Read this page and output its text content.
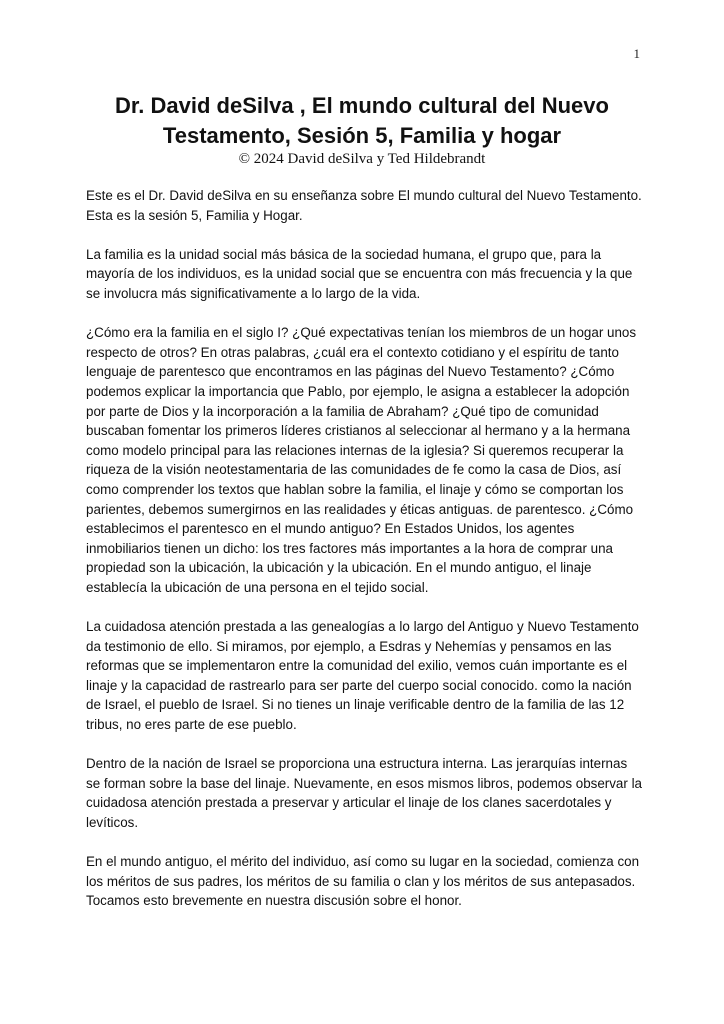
1
Dr. David deSilva , El mundo cultural del Nuevo Testamento, Sesión 5, Familia y hogar
© 2024 David deSilva y Ted Hildebrandt

Este es el Dr. David deSilva en su enseñanza sobre El mundo cultural del Nuevo Testamento. Esta es la sesión 5, Familia y Hogar.

La familia es la unidad social más básica de la sociedad humana, el grupo que, para la mayoría de los individuos, es la unidad social que se encuentra con más frecuencia y la que se involucra más significativamente a lo largo de la vida.

¿Cómo era la familia en el siglo I? ¿Qué expectativas tenían los miembros de un hogar unos respecto de otros? En otras palabras, ¿cuál era el contexto cotidiano y el espíritu de tanto lenguaje de parentesco que encontramos en las páginas del Nuevo Testamento? ¿Cómo podemos explicar la importancia que Pablo, por ejemplo, le asigna a establecer la adopción por parte de Dios y la incorporación a la familia de Abraham? ¿Qué tipo de comunidad buscaban fomentar los primeros líderes cristianos al seleccionar al hermano y a la hermana como modelo principal para las relaciones internas de la iglesia? Si queremos recuperar la riqueza de la visión neotestamentaria de las comunidades de fe como la casa de Dios, así como comprender los textos que hablan sobre la familia, el linaje y cómo se comportan los parientes, debemos sumergirnos en las realidades y éticas antiguas. de parentesco. ¿Cómo establecimos el parentesco en el mundo antiguo? En Estados Unidos, los agentes inmobiliarios tienen un dicho: los tres factores más importantes a la hora de comprar una propiedad son la ubicación, la ubicación y la ubicación. En el mundo antiguo, el linaje establecía la ubicación de una persona en el tejido social.

La cuidadosa atención prestada a las genealogías a lo largo del Antiguo y Nuevo Testamento da testimonio de ello. Si miramos, por ejemplo, a Esdras y Nehemías y pensamos en las reformas que se implementaron entre la comunidad del exilio, vemos cuán importante es el linaje y la capacidad de rastrearlo para ser parte del cuerpo social conocido. como la nación de Israel, el pueblo de Israel. Si no tienes un linaje verificable dentro de la familia de las 12 tribus, no eres parte de ese pueblo.

Dentro de la nación de Israel se proporciona una estructura interna. Las jerarquías internas se forman sobre la base del linaje. Nuevamente, en esos mismos libros, podemos observar la cuidadosa atención prestada a preservar y articular el linaje de los clanes sacerdotales y levíticos.

En el mundo antiguo, el mérito del individuo, así como su lugar en la sociedad, comienza con los méritos de sus padres, los méritos de su familia o clan y los méritos de sus antepasados. Tocamos esto brevemente en nuestra discusión sobre el honor.
